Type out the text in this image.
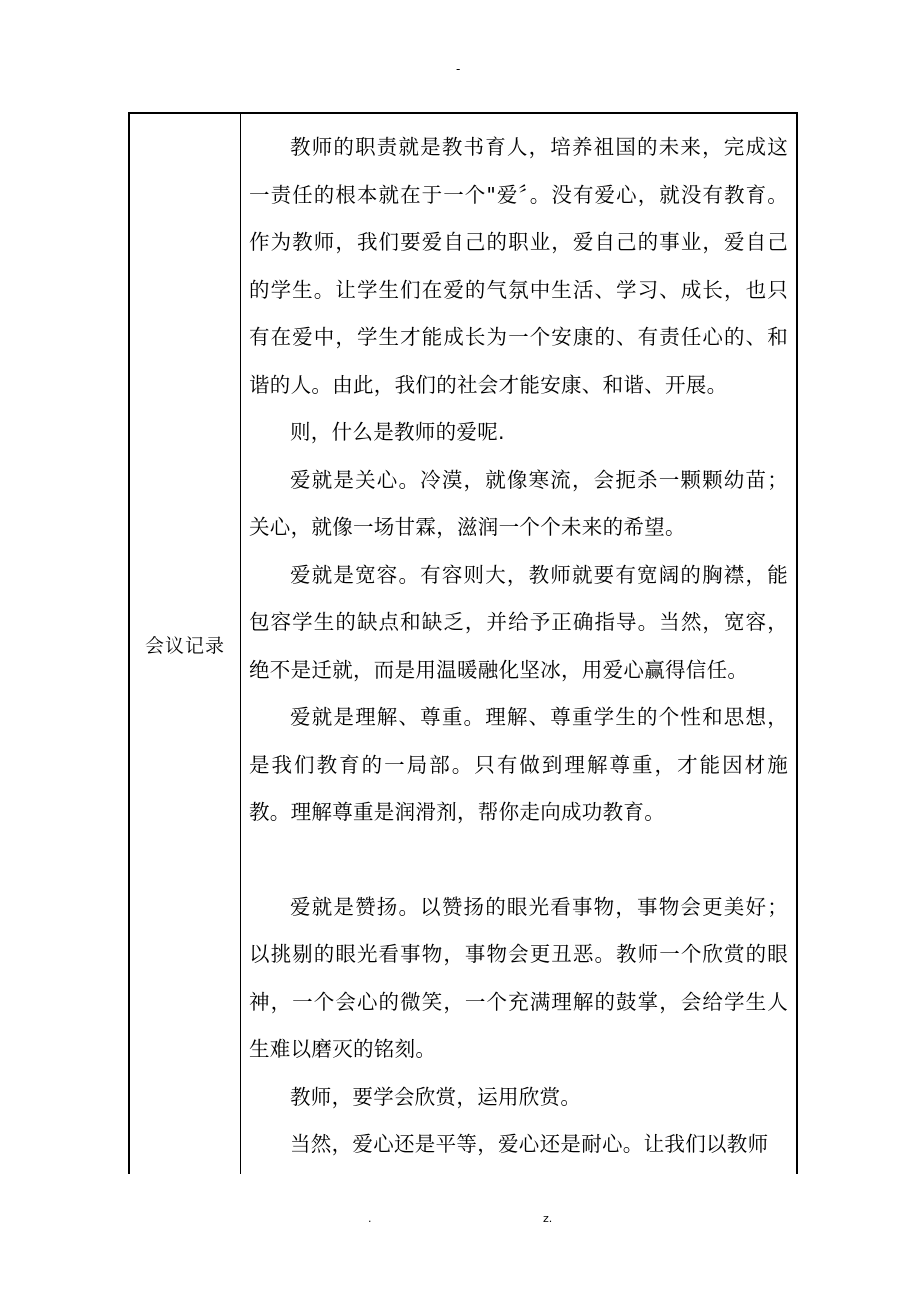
-
会议记录

教师的职责就是教书育人，培养祖国的未来，完成这一责任的根本就在于一个"爱〞。没有爱心，就没有教育。作为教师，我们要爱自己的职业，爱自己的事业，爱自己的学生。让学生们在爱的气氛中生活、学习、成长，也只有在爱中，学生才能成长为一个安康的、有责任心的、和谐的人。由此，我们的社会才能安康、和谐、开展。

则，什么是教师的爱呢.

爱就是关心。冷漠，就像寒流，会扼杀一颗颗幼苗；关心，就像一场甘霖，滋润一个个未来的希望。

爱就是宽容。有容则大，教师就要有宽阔的胸襟，能包容学生的缺点和缺乏，并给予正确指导。当然，宽容，绝不是迁就，而是用温暖融化坚冰，用爱心赢得信任。

爱就是理解、尊重。理解、尊重学生的个性和思想，是我们教育的一局部。只有做到理解尊重，才能因材施教。理解尊重是润滑剂，帮你走向成功教育。

爱就是赞扬。以赞扬的眼光看事物，事物会更美好；以挑剔的眼光看事物，事物会更丑恶。教师一个欣赏的眼神，一个会心的微笑，一个充满理解的鼓掌，会给学生人生难以磨灭的铭刻。

教师，要学会欣赏，运用欣赏。

当然，爱心还是平等，爱心还是耐心。让我们以教师

.	z.
